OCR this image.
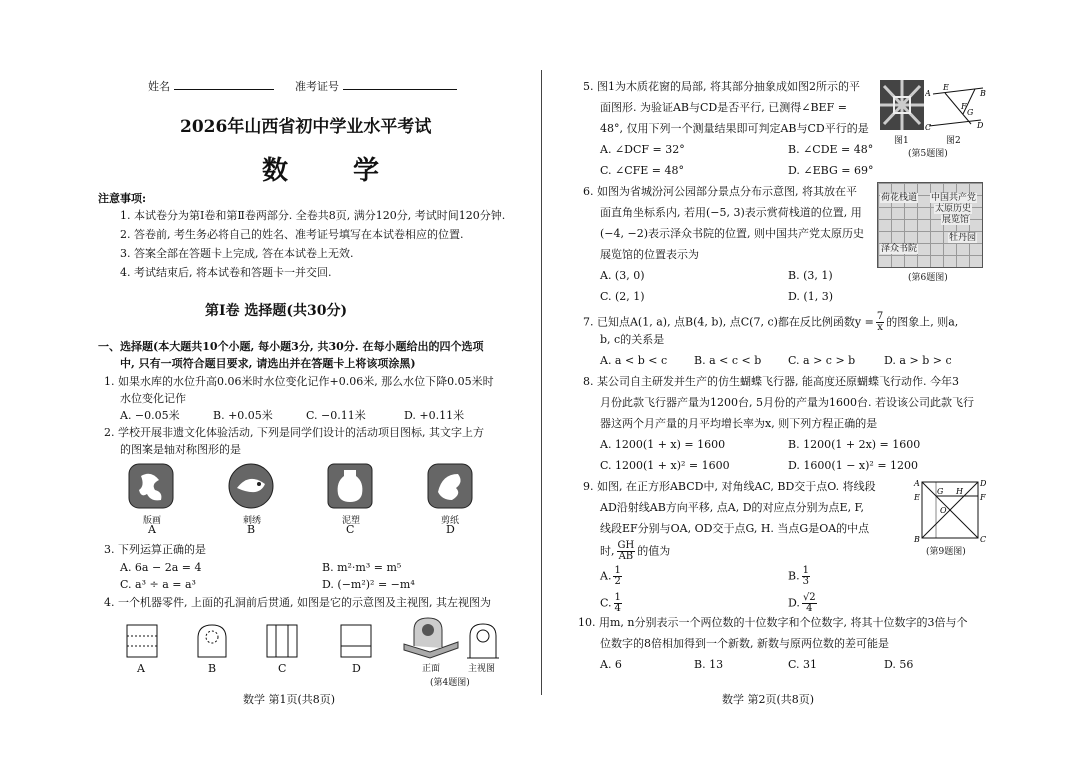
姓名	准考证号
2026年山西省初中学业水平考试
数 学
注意事项:
1. 本试卷分为第Ⅰ卷和第Ⅱ卷两部分. 全卷共8页, 满分120分, 考试时间120分钟.
2. 答卷前, 考生务必将自己的姓名、准考证号填写在本试卷相应的位置.
3. 答案全部在答题卡上完成, 答在本试卷上无效.
4. 考试结束后, 将本试卷和答题卡一并交回.
第Ⅰ卷 选择题(共30分)
一、选择题(本大题共10个小题, 每小题3分, 共30分. 在每小题给出的四个选项
中, 只有一项符合题目要求, 请选出并在答题卡上将该项涂黑)
1. 如果水库的水位升高0.06米时水位变化记作+0.06米, 那么水位下降0.05米时
水位变化记作
A. −0.05米	B. +0.05米	C. −0.11米	D. +0.11米
2. 学校开展非遗文化体验活动, 下列是同学们设计的活动项目图标, 其文字上方
的图案是轴对称图形的是
版画	刺绣	泥塑	剪纸
A	B	C	D
3. 下列运算正确的是
A. 6a − 2a = 4	B. m²·m³ = m⁵
C. a³ ÷ a = a³	D. (−m²)² = −m⁴
4. 一个机器零件, 上面的孔洞前后贯通, 如图是它的示意图及主视图, 其左视图为
A	B	C	D	正面	主视图
(第4题图)
数学 第1页(共8页)
5. 图1为木质花窗的局部, 将其部分抽象成如图2所示的平
面图形. 为验证AB与CD是否平行, 已测得∠BEF =
48°, 仅用下列一个测量结果即可判定AB与CD平行的是
A. ∠DCF = 32°	B. ∠CDE = 48°
C. ∠CFE = 48°	D. ∠EBG = 69°
A
E
B
F
G
C	D
图1	图2
(第5题图)
6. 如图为省城汾河公园部分景点分布示意图, 将其放在平
面直角坐标系内, 若用(−5, 3)表示赏荷栈道的位置, 用
(−4, −2)表示泽众书院的位置, 则中国共产党太原历史
展览馆的位置表示为
A. (3, 0)	B. (3, 1)
C. (2, 1)	D. (1, 3)
荷花栈道 中国共产党
太原历史
展览馆
牡丹园
泽众书院
(第6题图)
7. 已知点A(1, a), 点B(4, b), 点C(7, c)都在反比例函数$y = \frac{7}{x}$ 的图象上, 则a,
b, c的关系是
A. a < b < c B. a < c < b C. a > c > b	D. a > b > c
8. 某公司自主研发并生产的仿生蝴蝶飞行器, 能高度还原蝴蝶飞行动作. 今年3
月份此款飞行器产量为1200台, 5月份的产量为1600台. 若设该公司此款飞行
器这两个月产量的月平均增长率为x, 则下列方程正确的是
A. 1200(1 + x) = 1600	B. 1200(1 + 2x) = 1600
C. 1200(1 + x)² = 1600	D. 1600(1 − x)² = 1200
9. 如图, 在正方形ABCD中, 对角线AC, BD交于点O. 将线段
AD沿射线AB方向平移, 点A, D的对应点分别为点E, F,
线段EF分别与OA, OD交于点G, H. 当点G是OA的中点
时, $\frac{GH}{AB}$ 的值为
A	D
E	F
G H
O
B	C
(第9题图)
A. $\frac{1}{2}$	B. $\frac{1}{3}$
C. $\frac{1}{4}$	D. $\frac{√2}{4}$
10. 用m, n分别表示一个两位数的十位数字和个位数字, 将其十位数字的3倍与个
位数字的8倍相加得到一个新数, 新数与原两位数的差可能是
A. 6	B. 13	C. 31	D. 56
数学 第2页(共8页)
